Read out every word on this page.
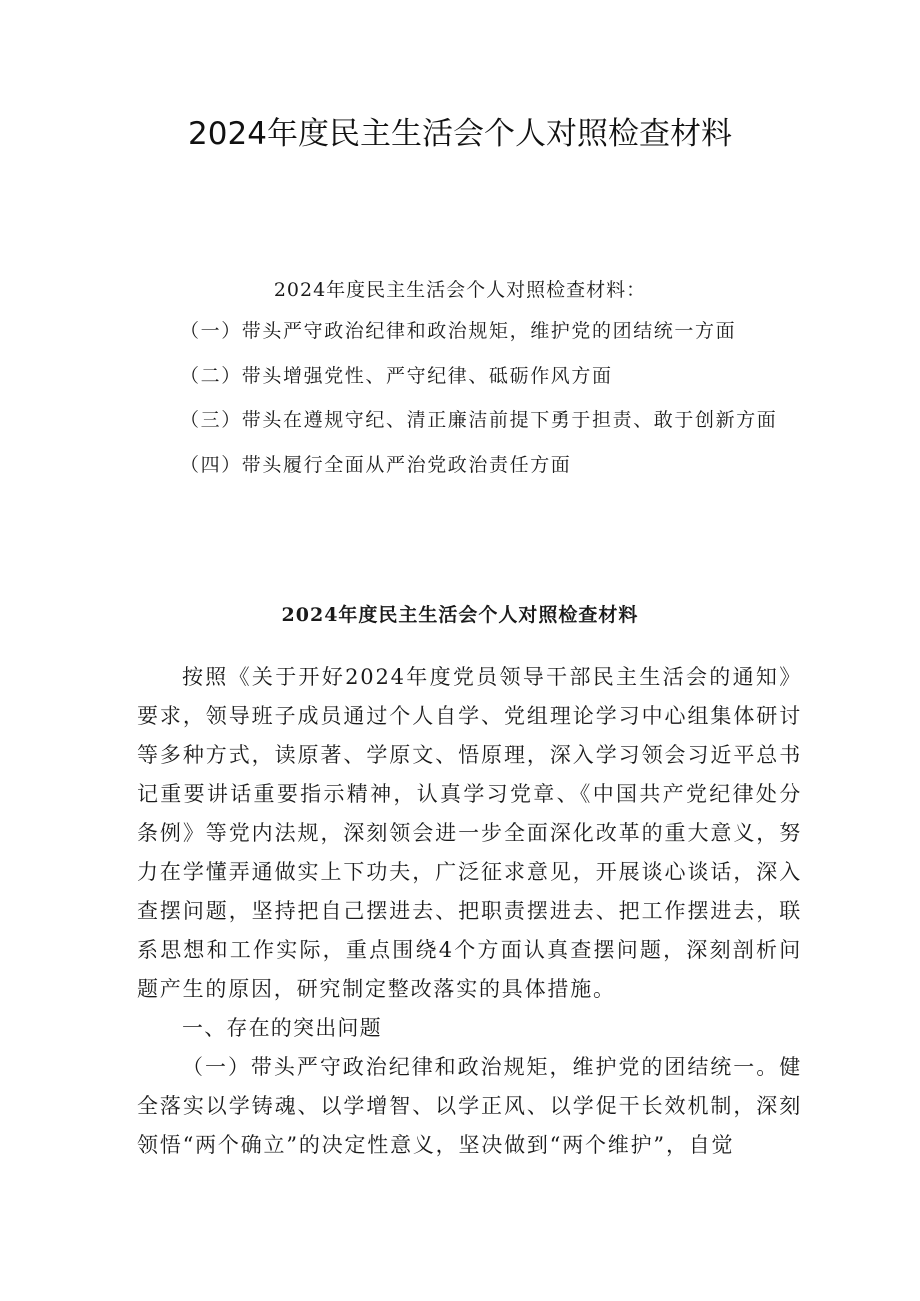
2024年度民主生活会个人对照检查材料

2024年度民主生活会个人对照检查材料：

（一）带头严守政治纪律和政治规矩，维护党的团结统一方面
（二）带头增强党性、严守纪律、砥砺作风方面
（三）带头在遵规守纪、清正廉洁前提下勇于担责、敢于创新方面
（四）带头履行全面从严治党政治责任方面
2024年度民主生活会个人对照检查材料

按照《关于开好2024年度党员领导干部民主生活会的通知》要求，领导班子成员通过个人自学、党组理论学习中心组集体研讨等多种方式，读原著、学原文、悟原理，深入学习领会习近平总书记重要讲话重要指示精神，认真学习党章、《中国共产党纪律处分条例》等党内法规，深刻领会进一步全面深化改革的重大意义，努力在学懂弄通做实上下功夫，广泛征求意见，开展谈心谈话，深入查摆问题，坚持把自己摆进去、把职责摆进去、把工作摆进去，联系思想和工作实际，重点围绕4个方面认真查摆问题，深刻剖析问题产生的原因，研究制定整改落实的具体措施。

一、存在的突出问题

（一）带头严守政治纪律和政治规矩，维护党的团结统一。健全落实以学铸魂、以学增智、以学正风、以学促干长效机制，深刻领悟“两个确立”的决定性意义，坚决做到“两个维护”，自觉
